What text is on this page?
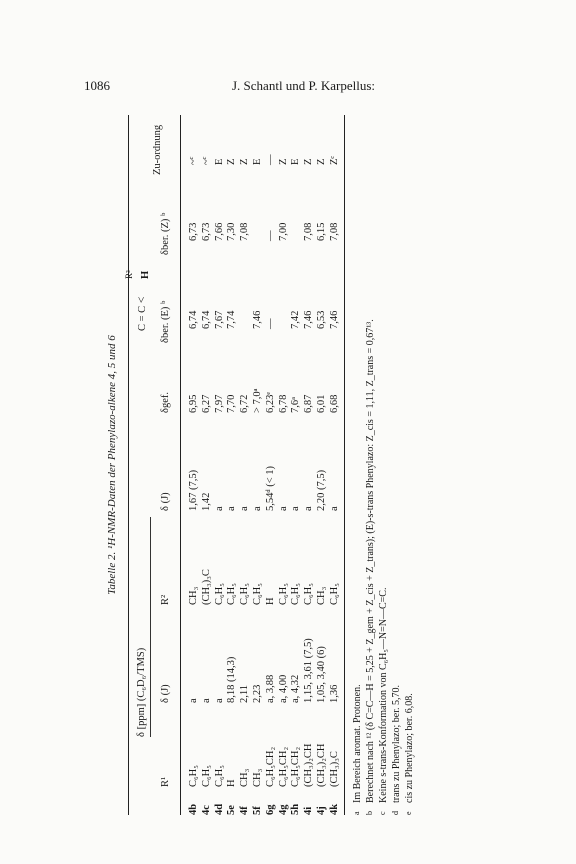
1086	J. Schantl und P. Karpellus:
Tabelle 2. ¹H-NMR-Daten der Phenylazo-alkene 4, 5 und 6
δ [ppm] (C₆D₆/TMS)
C = C <
R² H
R¹
δ (J)
R²
δ (J)
δgef.
δber. (E) ᵇ
δber. (Z) ᵇ
Zu-ordnung
4b
C₆H₅
a
CH₃
1,67 (7,5)
6,95
6,74
6,73
~ᶜ
4c
C₆H₅
a
(CH₃)₃C
1,42
6,27
6,74
6,73
~ᶜ
4d
C₆H₅
a
C₆H₅
a
7,97
7,67
7,66
E
5e
H
8,18 (14,3)
C₆H₅
a
7,70
7,74
7,30
Z
4f
CH₃
2,11
C₆H₅
a
6,72
7,08
Z
5f
CH₃
2,23
C₆H₅
a
> 7,0ᵃ
7,46
E
6g
C₆H₅CH₂
a, 3,88
H
5,54ᵈ (< 1)
6,23ᵉ
—
—
—
4g
C₆H₅CH₂
a, 4,00
C₆H₅
a
6,78
7,00
Z
5h
C₆H₅CH₂
a, 4,32
C₆H₅
a
7,6ᵃ
7,42
E
4i
(CH₃)₂CH
1,15, 3,61 (7,5)
C₆H₅
a
6,87
7,46
7,08
Z
4j
(CH₃)₂CH
1,05, 3,40 (6)
CH₃
2,20 (7,5)
6,01
6,53
6,15
Z
4k
(CH₃)₃C
1,36
C₆H₅
a
6,68
7,46
7,08
Zᶜ
aIm Bereich aromat. Protonen.
bBerechnet nach ¹² (δ C=C—H = 5,25 + Z_gem + Z_cis + Z_trans); (E)-s-trans Phenylazo: Z_cis = 1,11, Z_trans = 0,67¹³.
cKeine s-trans-Konformation von C₆H₅—N=N—C=C.
dtrans zu Phenylazo; ber. 5,70.
ecis zu Phenylazo; ber. 6,08.
